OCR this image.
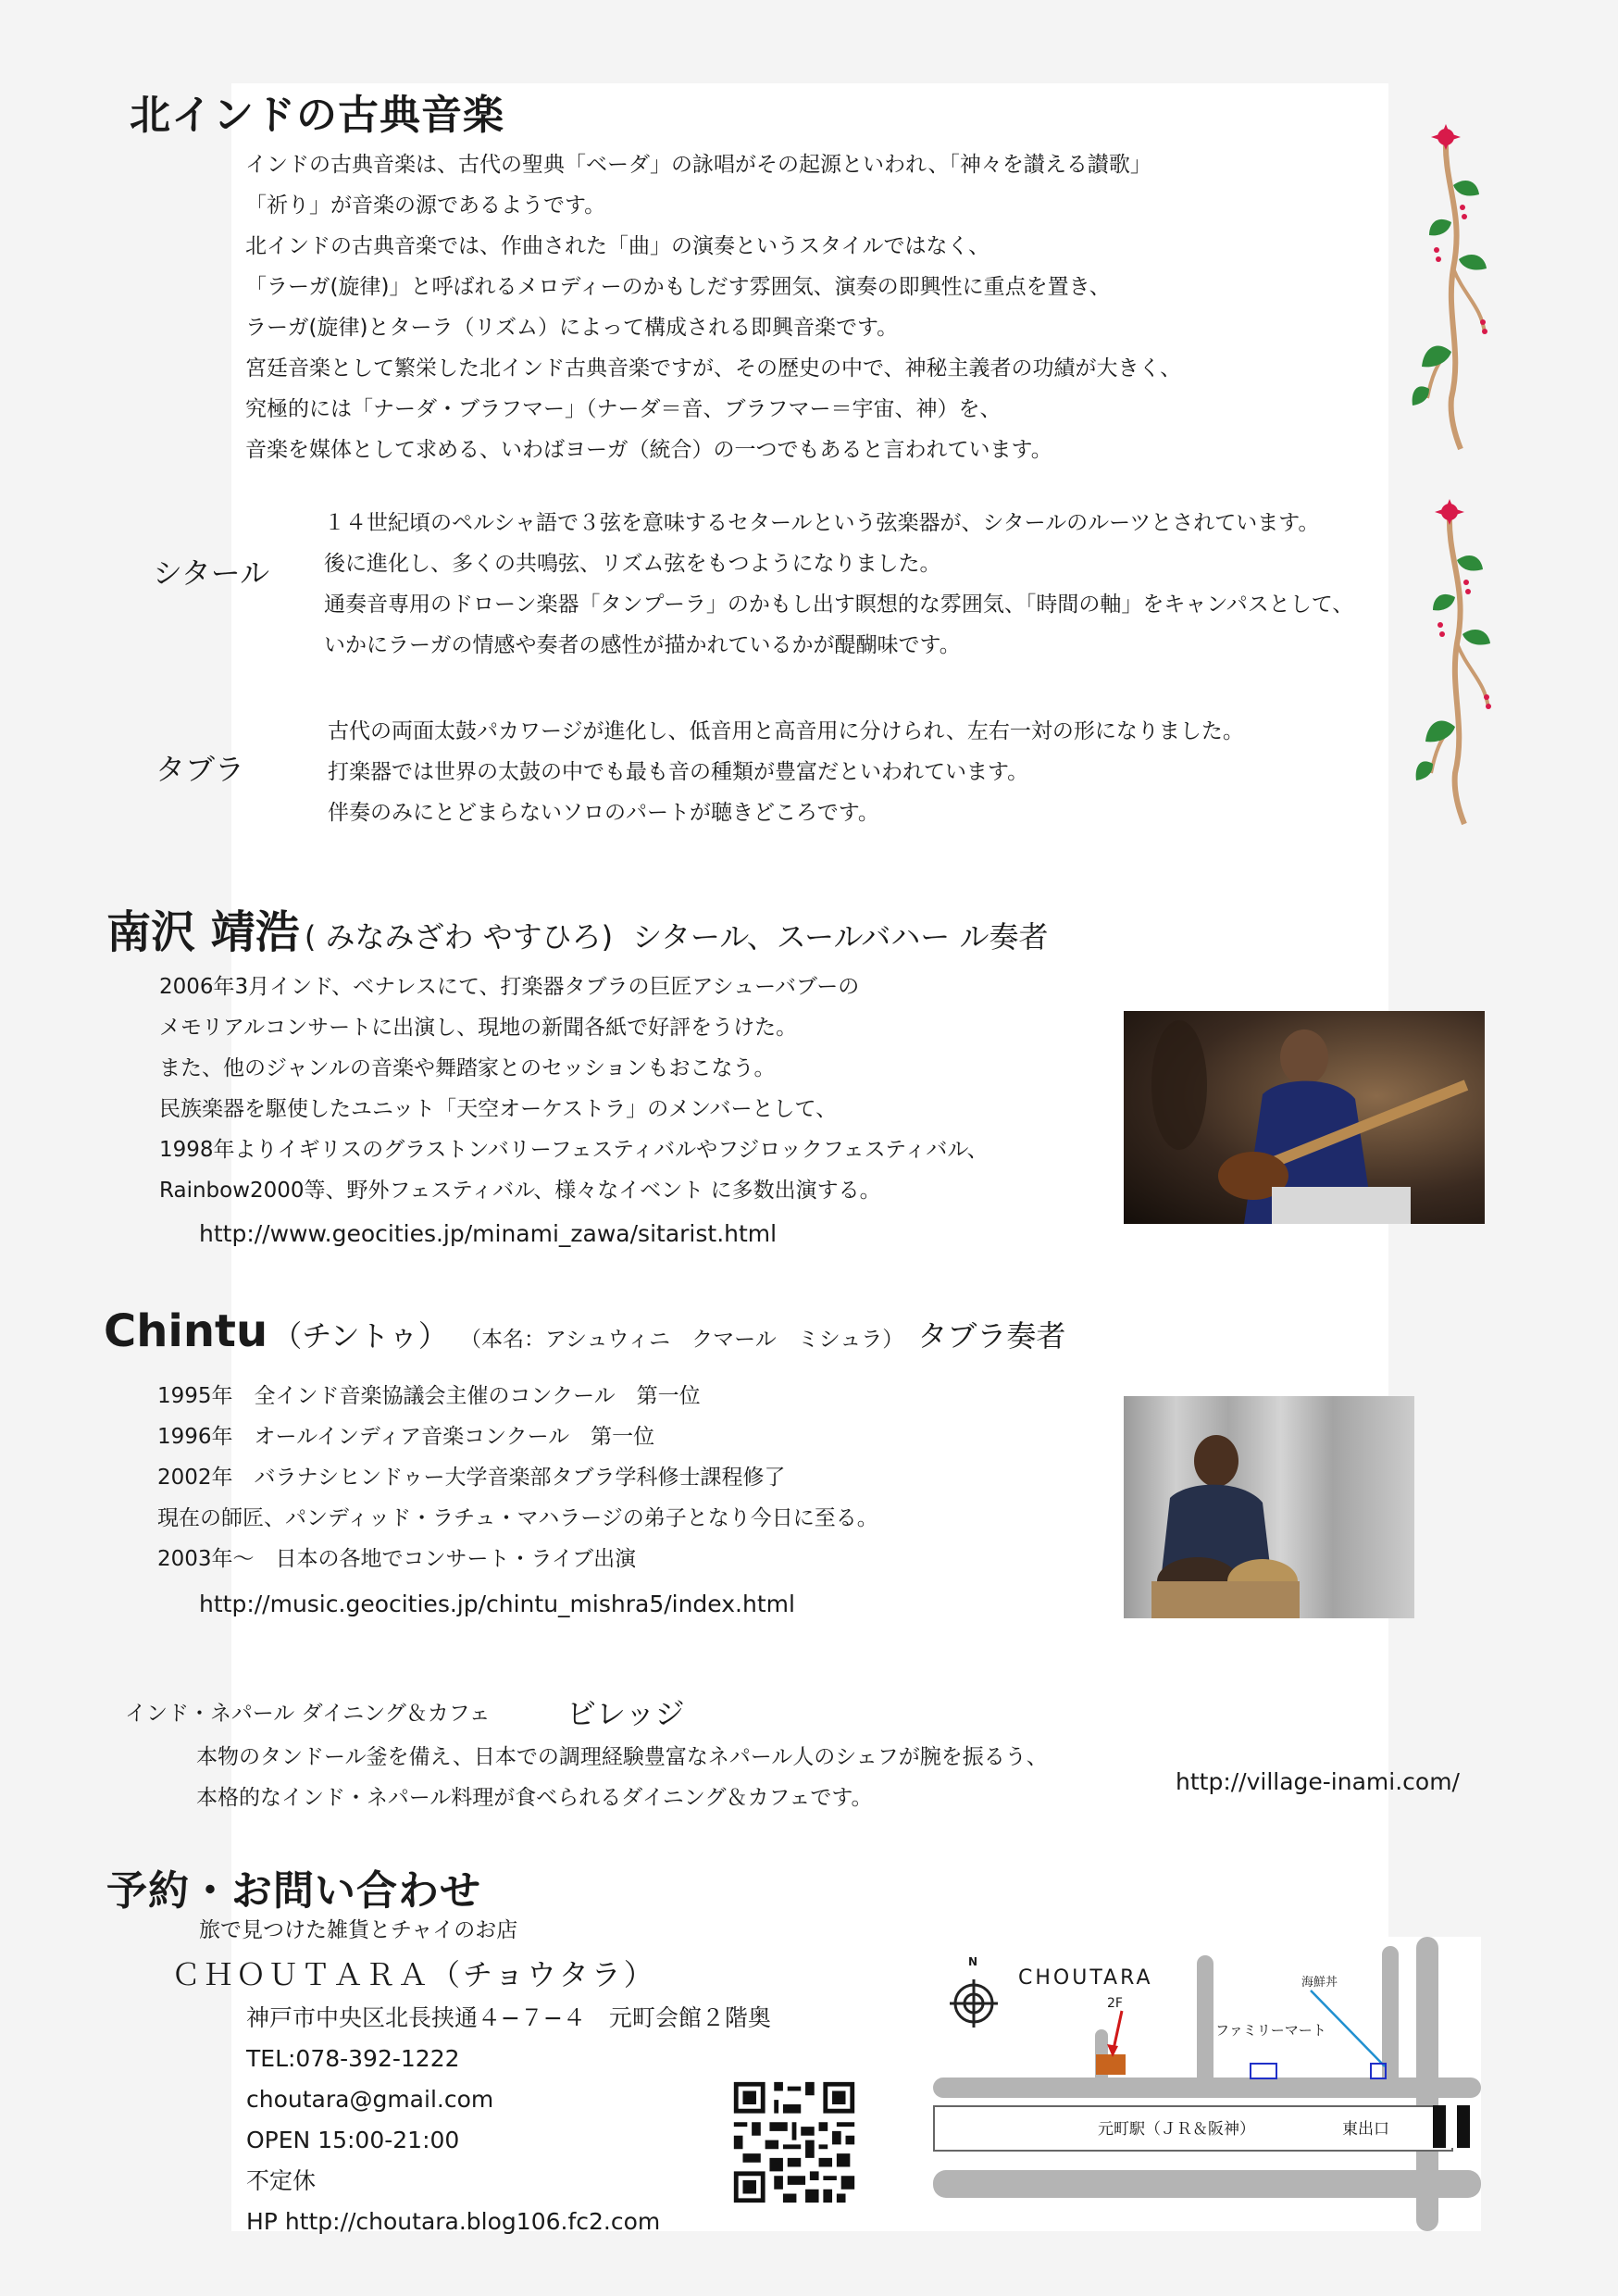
北インドの古典音楽
インドの古典音楽は、古代の聖典「ベーダ」の詠唱がその起源といわれ、「神々を讃える讃歌」
「祈り」が音楽の源であるようです。
北インドの古典音楽では、作曲された「曲」の演奏というスタイルではなく、
「ラーガ(旋律)」と呼ばれるメロディーのかもしだす雰囲気、演奏の即興性に重点を置き、
ラーガ(旋律)とターラ（リズム）によって構成される即興音楽です。
宮廷音楽として繁栄した北インド古典音楽ですが、その歴史の中で、神秘主義者の功績が大きく、
究極的には「ナーダ・ブラフマー」（ナーダ＝音、ブラフマー＝宇宙、神）を、
音楽を媒体として求める、いわばヨーガ（統合）の一つでもあると言われています。
シタール
１４世紀頃のペルシャ語で３弦を意味するセタールという弦楽器が、シタールのルーツとされています。
後に進化し、多くの共鳴弦、リズム弦をもつようになりました。
通奏音専用のドローン楽器「タンプーラ」のかもし出す瞑想的な雰囲気、「時間の軸」をキャンパスとして、
いかにラーガの情感や奏者の感性が描かれているかが醍醐味です。
タブラ
古代の両面太鼓パカワージが進化し、低音用と高音用に分けられ、左右一対の形になりました。
打楽器では世界の太鼓の中でも最も音の種類が豊富だといわれています。
伴奏のみにとどまらないソロのパートが聴きどころです。
南沢 靖浩 ( みなみざわ やすひろ) シタール、スールバハー ル奏者
2006年3月インド、ベナレスにて、打楽器タブラの巨匠アシューバブーの
メモリアルコンサートに出演し、現地の新聞各紙で好評をうけた。
また、他のジャンルの音楽や舞踏家とのセッションもおこなう。
民族楽器を駆使したユニット「天空オーケストラ」のメンバーとして、
1998年よりイギリスのグラストンバリーフェスティバルやフジロックフェスティバル、
Rainbow2000等、野外フェスティバル、様々なイベント に多数出演する。
http://www.geocities.jp/minami_zawa/sitarist.html
Chintu （チントゥ） （本名：アシュウィニ　クマール　ミシュラ） タブラ奏者
1995年　全インド音楽協議会主催のコンクール　第一位
1996年　オールインディア音楽コンクール　第一位
2002年　バラナシヒンドゥー大学音楽部タブラ学科修士課程修了
現在の師匠、パンディッド・ラチュ・マハラージの弟子となり今日に至る。
2003年～　日本の各地でコンサート・ライブ出演
http://music.geocities.jp/chintu_mishra5/index.html
インド・ネパール ダイニング＆カフェ	ビレッジ
本物のタンドール釜を備え、日本での調理経験豊富なネパール人のシェフが腕を振るう、
本格的なインド・ネパール料理が食べられるダイニング＆カフェです。
http://village-inami.com/
予約・お問い合わせ
旅で見つけた雑貨とチャイのお店
ＣＨＯＵＴＡＲＡ（チョウタラ）
神戸市中央区北長挟通４−７−４　元町会館２階奥
TEL:078-392-1222
choutara@gmail.com
OPEN 15:00-21:00
不定休
HP http://choutara.blog106.fc2.com
元町駅（ＪＲ＆阪神）	東出口
N
CHOUTARA
2F
ファミリーマート
海鮮丼
